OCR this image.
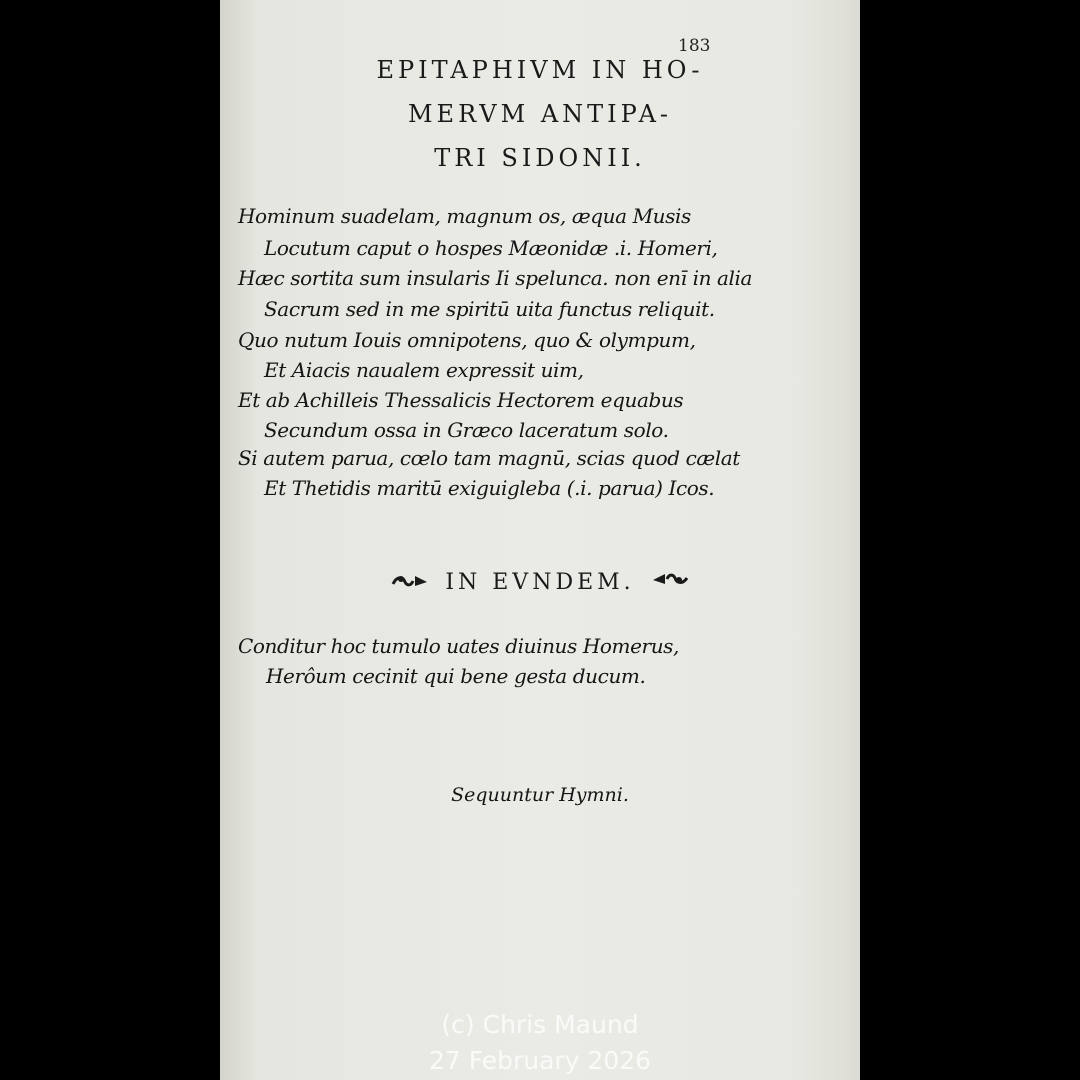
183
EPITAPHIVM IN HO-
MERVM ANTIPA-
TRI SIDONII.
Hominum suadelam, magnum os, æqua Musis
Locutum caput o hospes Mæonidæ .i. Homeri,
Hæc sortita sum insularis Ii spelunca. non enī in alia
Sacrum sed in me spiritū uita functus reliquit.
Quo nutum Iouis omnipotens, quo & olympum,
Et Aiacis naualem expressit uim,
Et ab Achilleis Thessalicis Hectorem equabus
Secundum ossa in Græco laceratum solo.
Si autem parua, cœlo tam magnū, scias quod cælat
Et Thetidis maritū exiguigleba (.i. parua) Icos.
IN EVNDEM.
Conditur hoc tumulo uates diuinus Homerus,
Herôum cecinit qui bene gesta ducum.
Sequuntur Hymni.
(c) Chris Maund
27 February 2026
